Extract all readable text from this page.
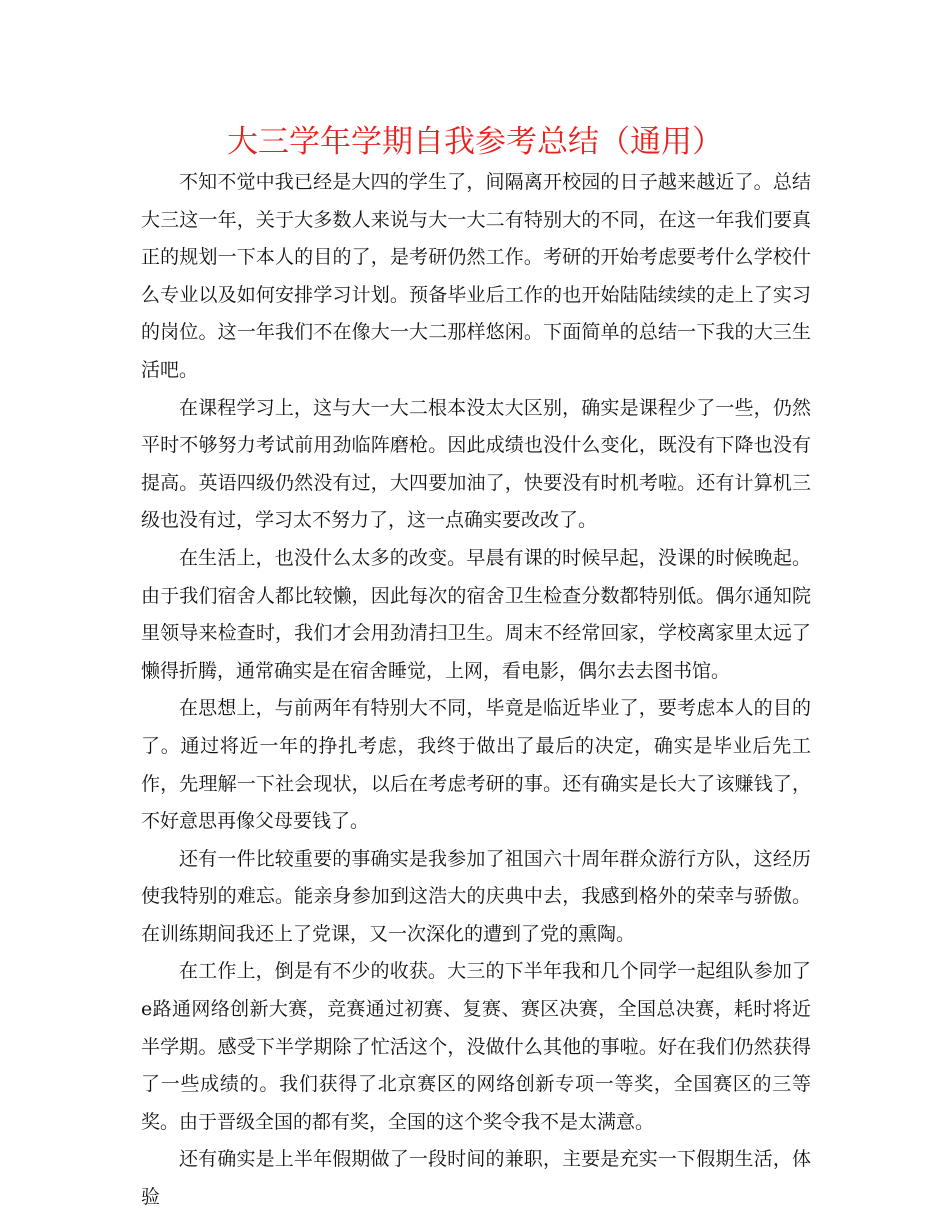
大三学年学期自我参考总结（通用）

不知不觉中我已经是大四的学生了，间隔离开校园的日子越来越近了。总结大三这一年，关于大多数人来说与大一大二有特别大的不同，在这一年我们要真正的规划一下本人的目的了，是考研仍然工作。考研的开始考虑要考什么学校什么专业以及如何安排学习计划。预备毕业后工作的也开始陆陆续续的走上了实习的岗位。这一年我们不在像大一大二那样悠闲。下面简单的总结一下我的大三生活吧。

在课程学习上，这与大一大二根本没太大区别，确实是课程少了一些，仍然平时不够努力考试前用劲临阵磨枪。因此成绩也没什么变化，既没有下降也没有提高。英语四级仍然没有过，大四要加油了，快要没有时机考啦。还有计算机三级也没有过，学习太不努力了，这一点确实要改改了。

在生活上，也没什么太多的改变。早晨有课的时候早起，没课的时候晚起。由于我们宿舍人都比较懒，因此每次的宿舍卫生检查分数都特别低。偶尔通知院里领导来检查时，我们才会用劲清扫卫生。周末不经常回家，学校离家里太远了懒得折腾，通常确实是在宿舍睡觉，上网，看电影，偶尔去去图书馆。

在思想上，与前两年有特别大不同，毕竟是临近毕业了，要考虑本人的目的了。通过将近一年的挣扎考虑，我终于做出了最后的决定，确实是毕业后先工作，先理解一下社会现状，以后在考虑考研的事。还有确实是长大了该赚钱了，不好意思再像父母要钱了。

还有一件比较重要的事确实是我参加了祖国六十周年群众游行方队，这经历使我特别的难忘。能亲身参加到这浩大的庆典中去，我感到格外的荣幸与骄傲。在训练期间我还上了党课，又一次深化的遭到了党的熏陶。

在工作上，倒是有不少的收获。大三的下半年我和几个同学一起组队参加了e路通网络创新大赛，竞赛通过初赛、复赛、赛区决赛，全国总决赛，耗时将近半学期。感受下半学期除了忙活这个，没做什么其他的事啦。好在我们仍然获得了一些成绩的。我们获得了北京赛区的网络创新专项一等奖，全国赛区的三等奖。由于晋级全国的都有奖，全国的这个奖令我不是太满意。

还有确实是上半年假期做了一段时间的兼职，主要是充实一下假期生活，体验
